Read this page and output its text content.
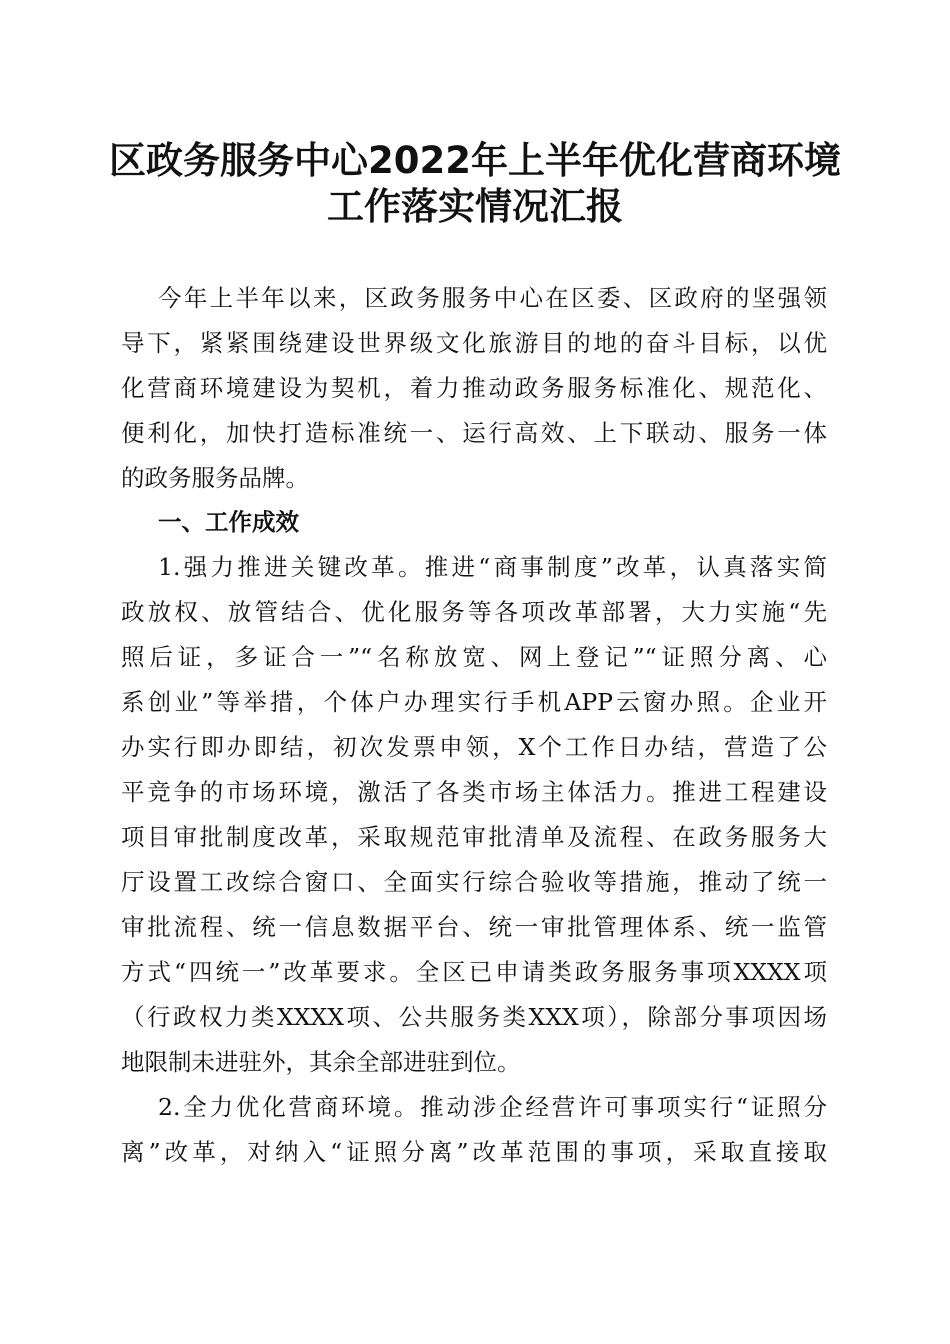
区政务服务中心2022年上半年优化营商环境
工作落实情况汇报
今年上半年以来，区政务服务中心在区委、区政府的坚强领
导下，紧紧围绕建设世界级文化旅游目的地的奋斗目标，以优
化营商环境建设为契机，着力推动政务服务标准化、规范化、
便利化，加快打造标准统一、运行高效、上下联动、服务一体
的政务服务品牌。
一、工作成效
1.强力推进关键改革。推进“商事制度”改革，认真落实简
政放权、放管结合、优化服务等各项改革部署，大力实施“先
照后证，多证合一”“名称放宽、网上登记”“证照分离、心
系创业”等举措，个体户办理实行手机APP云窗办照。企业开
办实行即办即结，初次发票申领，X个工作日办结，营造了公
平竞争的市场环境，激活了各类市场主体活力。推进工程建设
项目审批制度改革，采取规范审批清单及流程、在政务服务大
厅设置工改综合窗口、全面实行综合验收等措施，推动了统一
审批流程、统一信息数据平台、统一审批管理体系、统一监管
方式“四统一”改革要求。全区已申请类政务服务事项XXXX项
（行政权力类XXXX项、公共服务类XXX项），除部分事项因场
地限制未进驻外，其余全部进驻到位。
2.全力优化营商环境。推动涉企经营许可事项实行“证照分
离”改革，对纳入“证照分离”改革范围的事项，采取直接取
